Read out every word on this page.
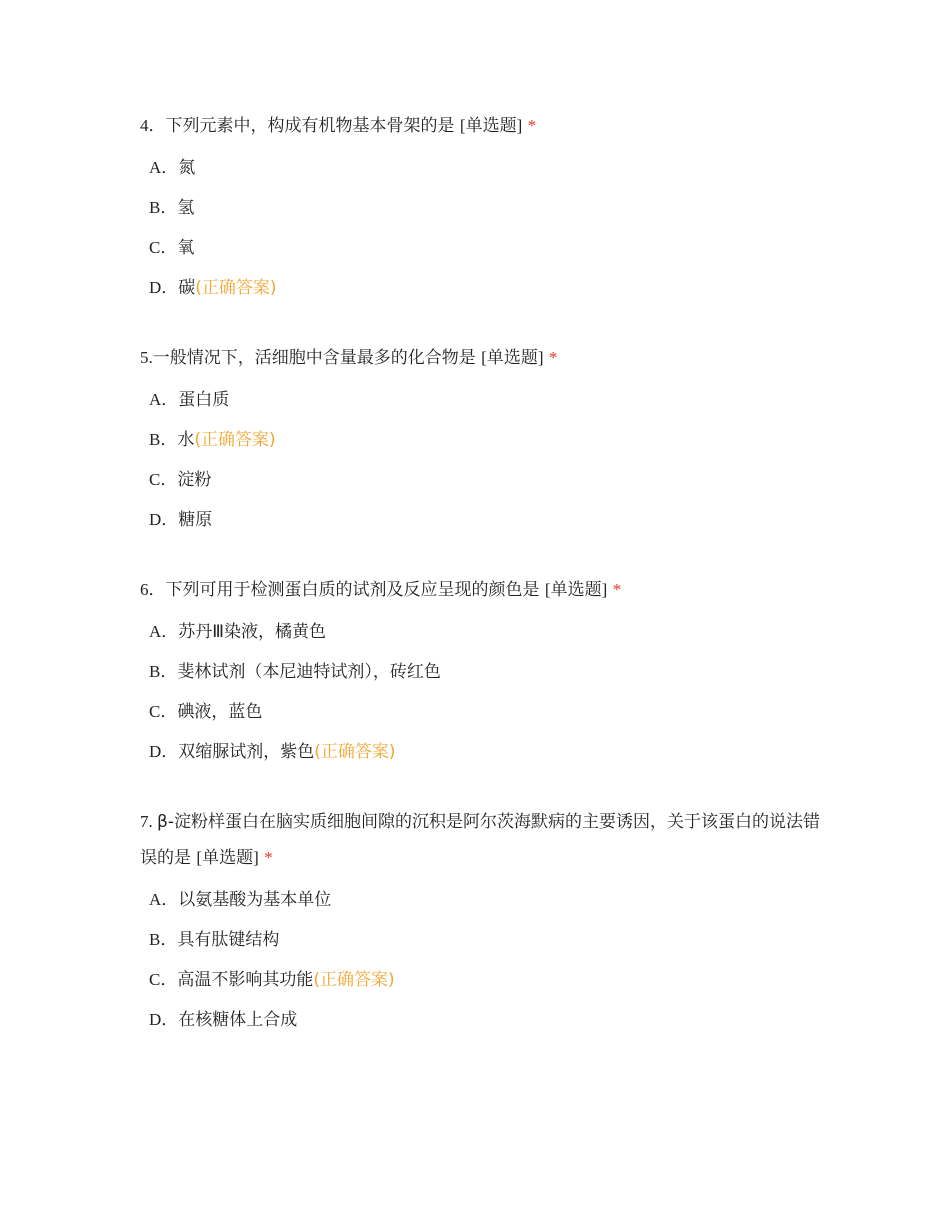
4．下列元素中，构成有机物基本骨架的是 [单选题] *

A．氮
B．氢
C．氧
D．碳(正确答案)

5.一般情况下，活细胞中含量最多的化合物是 [单选题] *

A．蛋白质
B．水(正确答案)
C．淀粉
D．糖原

6．下列可用于检测蛋白质的试剂及反应呈现的颜色是 [单选题] *

A．苏丹Ⅲ染液，橘黄色
B．斐林试剂（本尼迪特试剂），砖红色
C．碘液，蓝色
D．双缩脲试剂，紫色(正确答案)

7. β-淀粉样蛋白在脑实质细胞间隙的沉积是阿尔茨海默病的主要诱因，关于该蛋白的说法错误的是 [单选题] *

A．以氨基酸为基本单位
B．具有肽键结构
C．高温不影响其功能(正确答案)
D．在核糖体上合成
